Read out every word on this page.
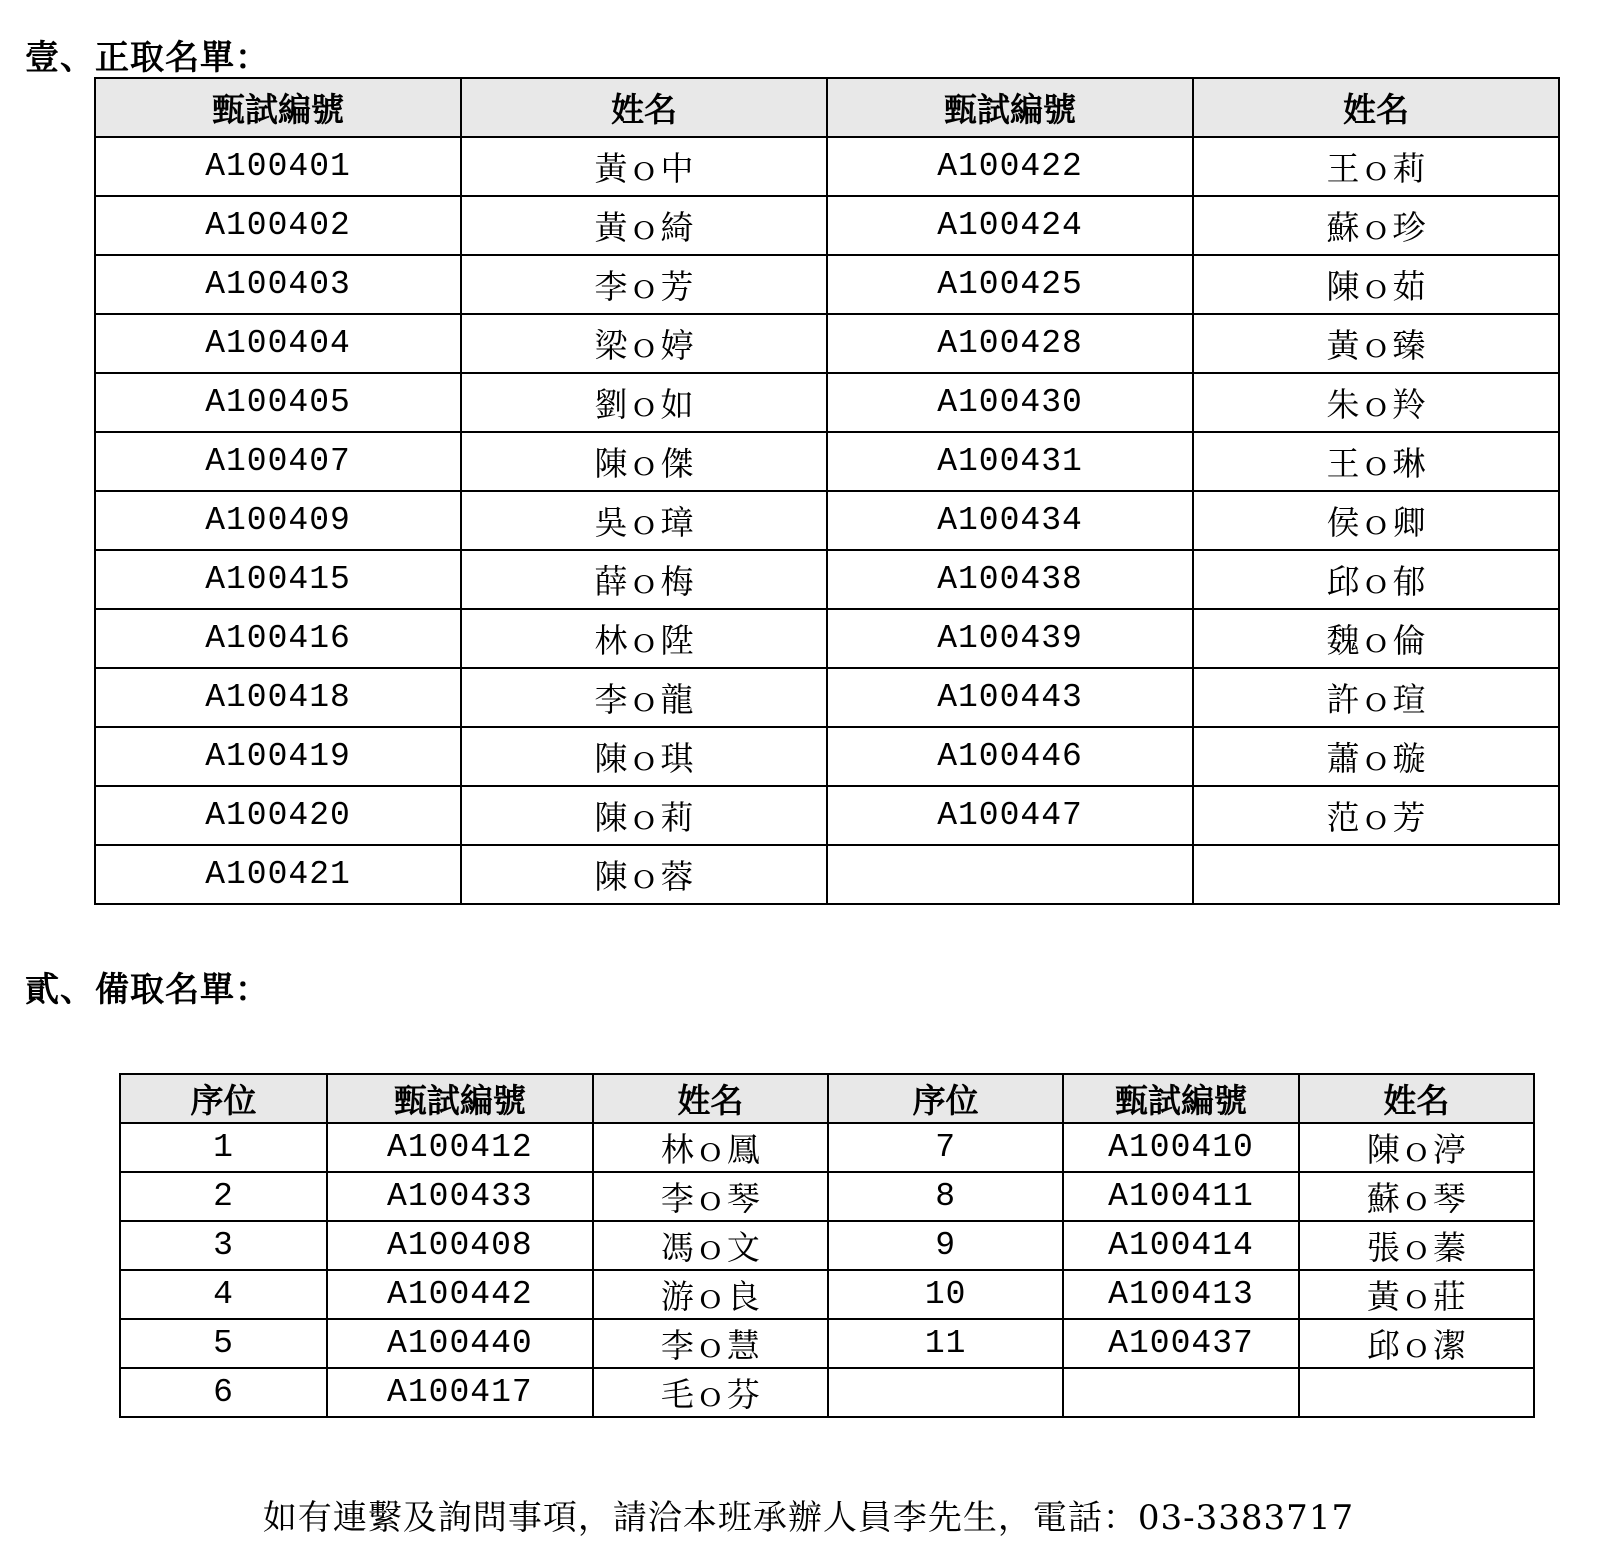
壹、正取名單：
甄試編號	姓名	甄試編號	姓名
A100401	黃ｏ中	A100422	王ｏ莉
A100402	黃ｏ綺	A100424	蘇ｏ珍
A100403	李ｏ芳	A100425	陳ｏ茹
A100404	梁ｏ婷	A100428	黃ｏ臻
A100405	劉ｏ如	A100430	朱ｏ羚
A100407	陳ｏ傑	A100431	王ｏ琳
A100409	吳ｏ璋	A100434	侯ｏ卿
A100415	薛ｏ梅	A100438	邱ｏ郁
A100416	林ｏ陞	A100439	魏ｏ倫
A100418	李ｏ龍	A100443	許ｏ瑄
A100419	陳ｏ琪	A100446	蕭ｏ璇
A100420	陳ｏ莉	A100447	范ｏ芳
A100421	陳ｏ蓉		
貳、備取名單：
序位	甄試編號	姓名	序位	甄試編號	姓名
1	A100412	林ｏ鳳	7	A100410	陳ｏ渟
2	A100433	李ｏ琴	8	A100411	蘇ｏ琴
3	A100408	馮ｏ文	9	A100414	張ｏ蓁
4	A100442	游ｏ良	10	A100413	黃ｏ莊
5	A100440	李ｏ慧	11	A100437	邱ｏ潔
6	A100417	毛ｏ芬			
如有連繫及詢問事項，請洽本班承辦人員李先生，電話：03-3383717
